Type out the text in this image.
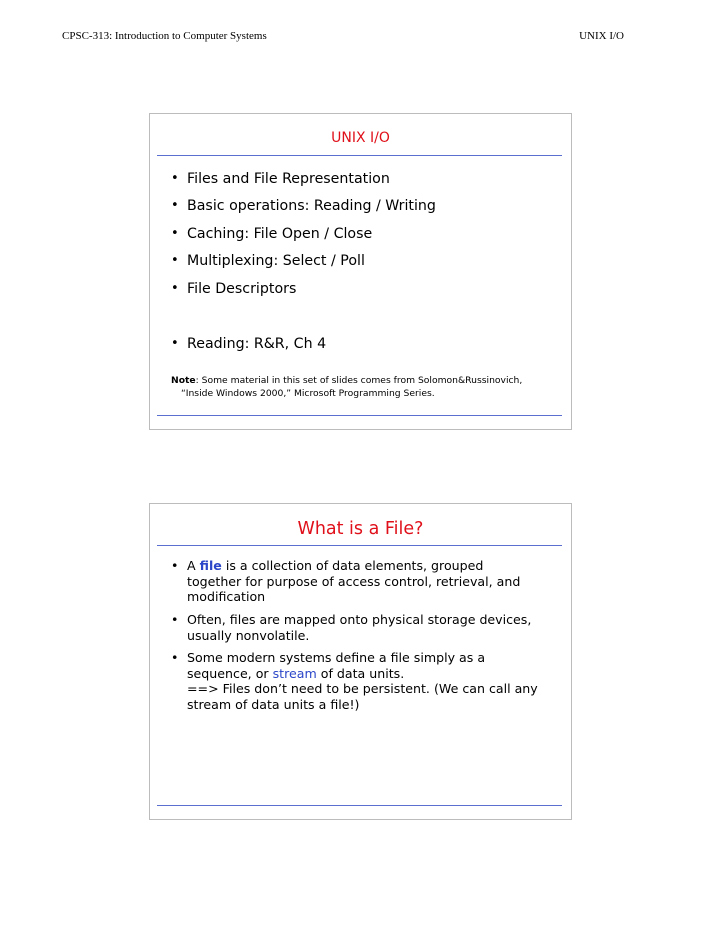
CPSC-313: Introduction to Computer Systems	UNIX I/O
UNIX I/O
• Files and File Representation
• Basic operations: Reading / Writing
• Caching: File Open / Close
• Multiplexing: Select / Poll
• File Descriptors
• Reading: R&R, Ch 4
Note: Some material in this set of slides comes from Solomon&Russinovich,
“Inside Windows 2000,” Microsoft Programming Series.
What is a File?
• A file is a collection of data elements, grouped
together for purpose of access control, retrieval, and
modification
• Often, files are mapped onto physical storage devices,
usually nonvolatile.
• Some modern systems define a file simply as a
sequence, or stream of data units.
==> Files don’t need to be persistent. (We can call any
stream of data units a file!)
